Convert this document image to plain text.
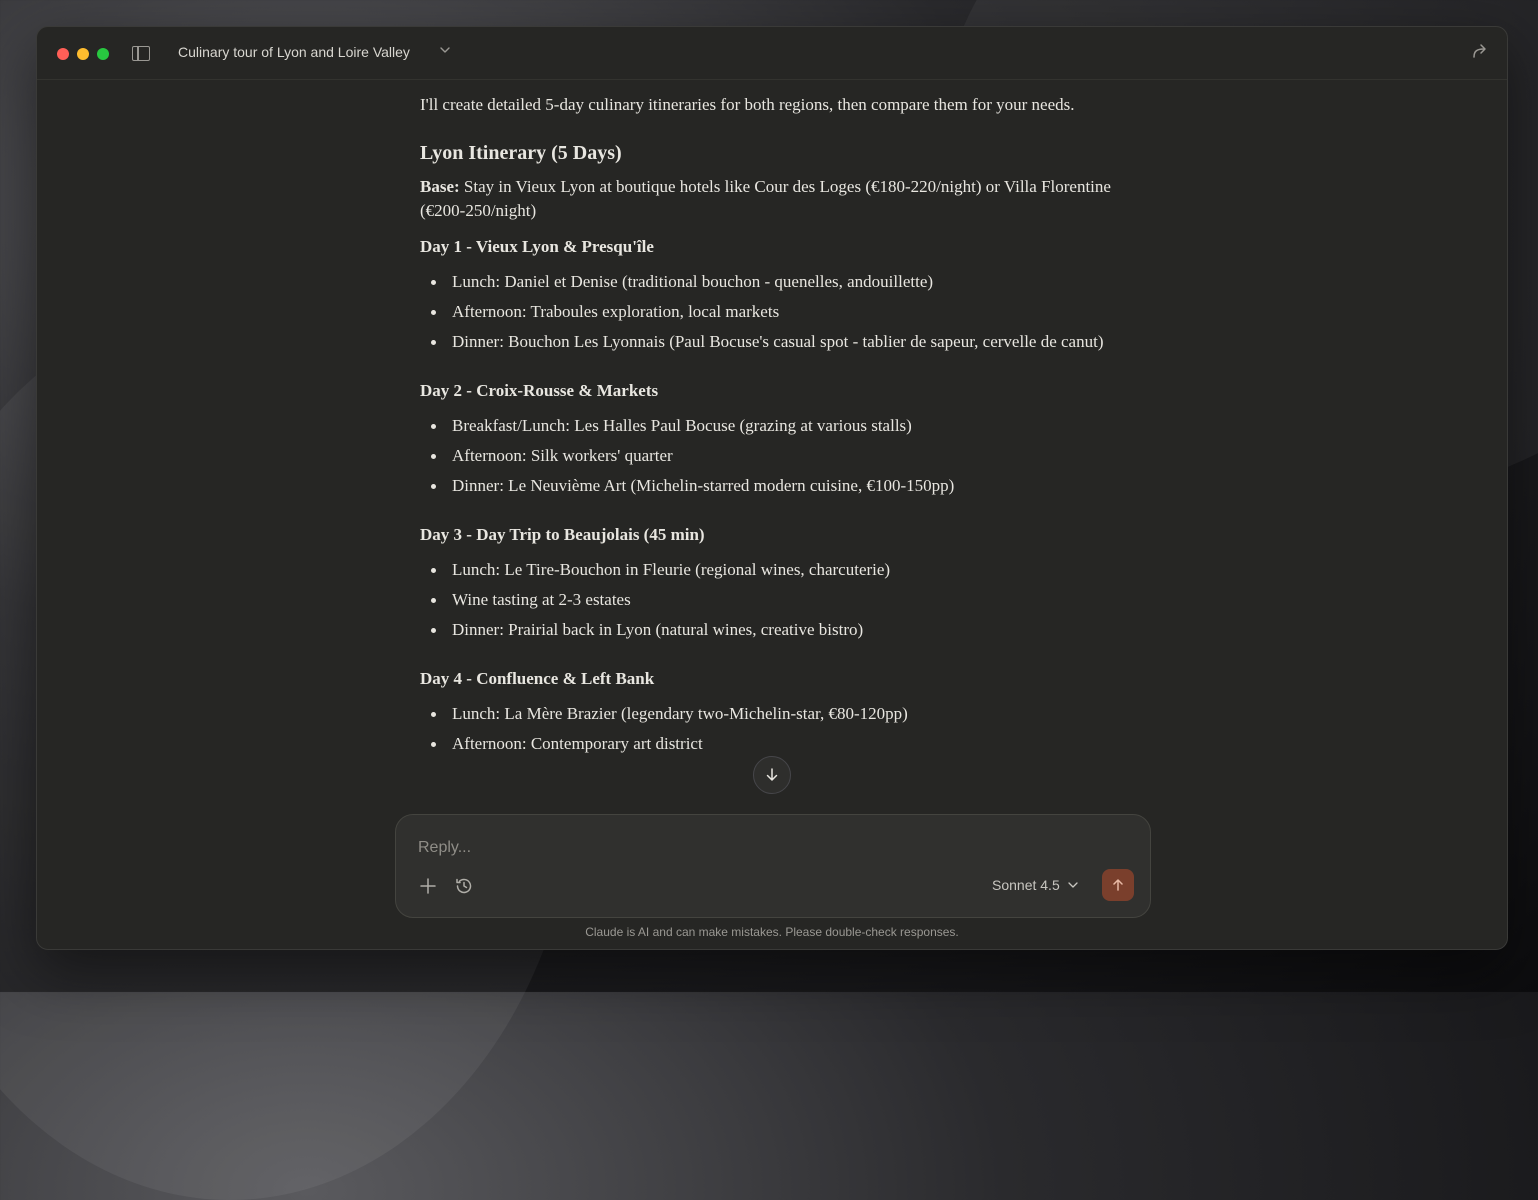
Culinary tour of Lyon and Loire Valley

I'll create detailed 5-day culinary itineraries for both regions, then compare them for your needs.

Lyon Itinerary (5 Days)

Base: Stay in Vieux Lyon at boutique hotels like Cour des Loges (€180-220/night) or Villa Florentine (€200-250/night)

Day 1 - Vieux Lyon & Presqu'île
Lunch: Daniel et Denise (traditional bouchon - quenelles, andouillette)
Afternoon: Traboules exploration, local markets
Dinner: Bouchon Les Lyonnais (Paul Bocuse's casual spot - tablier de sapeur, cervelle de canut)
Day 2 - Croix-Rousse & Markets
Breakfast/Lunch: Les Halles Paul Bocuse (grazing at various stalls)
Afternoon: Silk workers' quarter
Dinner: Le Neuvième Art (Michelin-starred modern cuisine, €100-150pp)
Day 3 - Day Trip to Beaujolais (45 min)
Lunch: Le Tire-Bouchon in Fleurie (regional wines, charcuterie)
Wine tasting at 2-3 estates
Dinner: Prairial back in Lyon (natural wines, creative bistro)
Day 4 - Confluence & Left Bank
Lunch: La Mère Brazier (legendary two-Michelin-star, €80-120pp)
Afternoon: Contemporary art district
Reply...
Sonnet 4.5
Claude is AI and can make mistakes. Please double-check responses.
